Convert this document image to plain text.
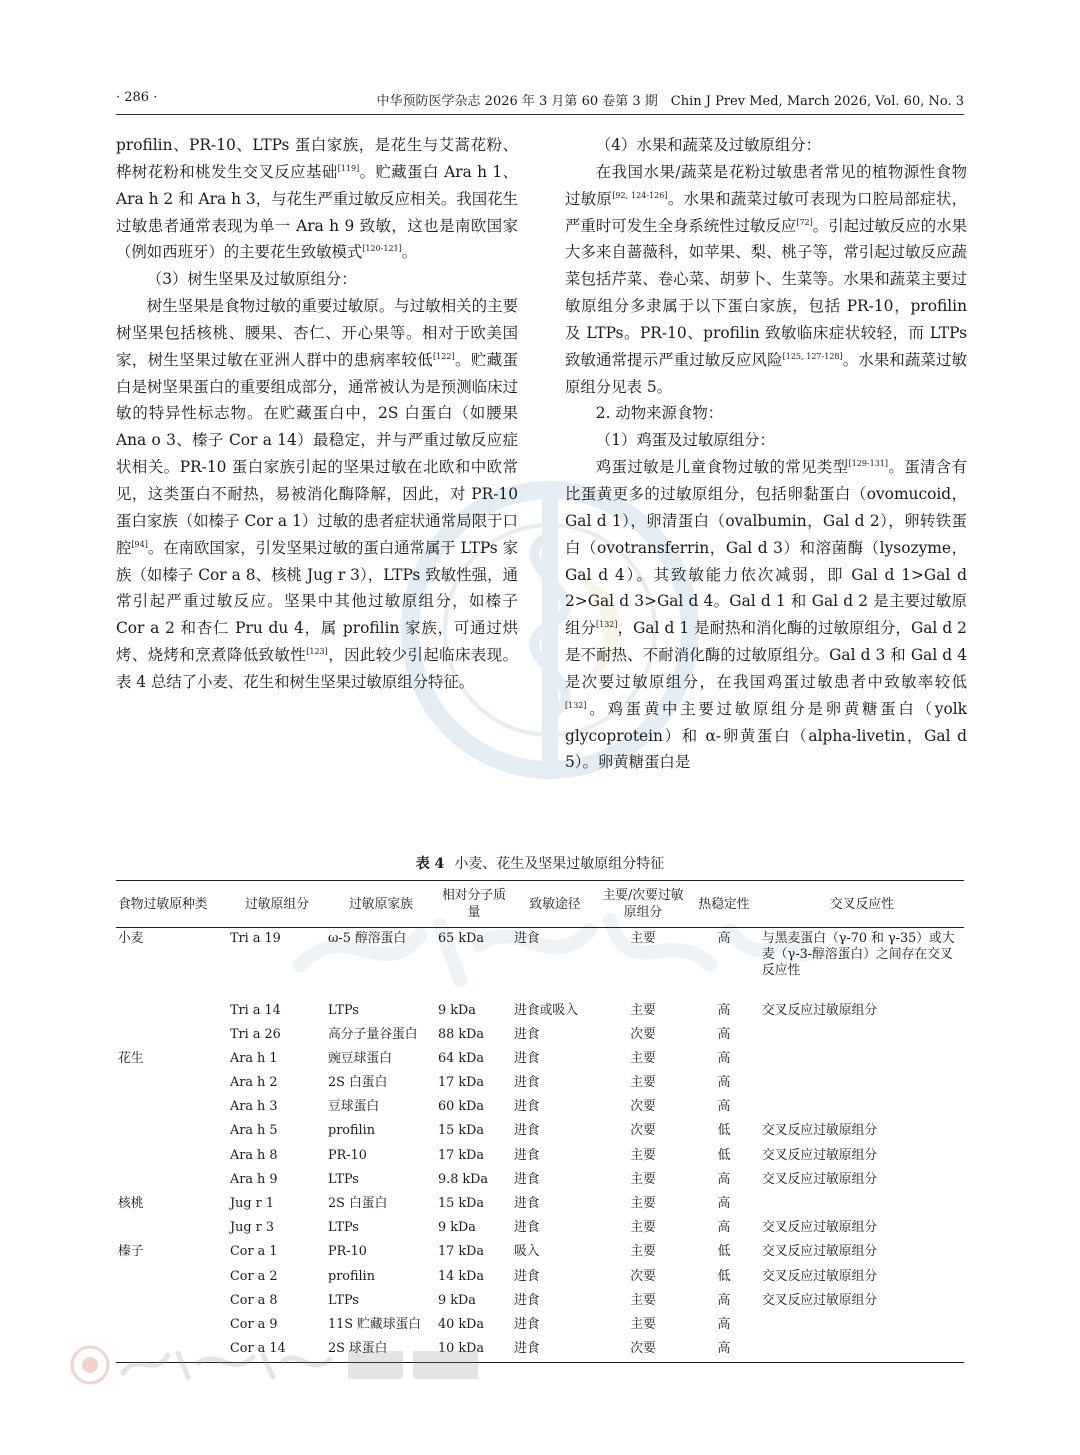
· 286 ·	中华预防医学杂志 2026 年 3 月第 60 卷第 3 期　Chin J Prev Med, March 2026, Vol. 60, No. 3

profilin、PR-10、LTPs 蛋白家族，是花生与艾蒿花粉、桦树花粉和桃发生交叉反应基础[119]。贮藏蛋白 Ara h 1、Ara h 2 和 Ara h 3，与花生严重过敏反应相关。我国花生过敏患者通常表现为单一 Ara h 9 致敏，这也是南欧国家（例如西班牙）的主要花生致敏模式[120-121]。

（3）树生坚果及过敏原组分：

树生坚果是食物过敏的重要过敏原。与过敏相关的主要树坚果包括核桃、腰果、杏仁、开心果等。相对于欧美国家，树生坚果过敏在亚洲人群中的患病率较低[122]。贮藏蛋白是树坚果蛋白的重要组成部分，通常被认为是预测临床过敏的特异性标志物。在贮藏蛋白中，2S 白蛋白（如腰果 Ana o 3、榛子 Cor a 14）最稳定，并与严重过敏反应症状相关。PR-10 蛋白家族引起的坚果过敏在北欧和中欧常见，这类蛋白不耐热，易被消化酶降解，因此，对 PR-10 蛋白家族（如榛子 Cor a 1）过敏的患者症状通常局限于口腔[94]。在南欧国家，引发坚果过敏的蛋白通常属于 LTPs 家族（如榛子 Cor a 8、核桃 Jug r 3），LTPs 致敏性强，通常引起严重过敏反应。坚果中其他过敏原组分，如榛子 Cor a 2 和杏仁 Pru du 4，属 profilin 家族，可通过烘烤、烧烤和烹煮降低致敏性[123]，因此较少引起临床表现。表 4 总结了小麦、花生和树生坚果过敏原组分特征。

（4）水果和蔬菜及过敏原组分：

在我国水果/蔬菜是花粉过敏患者常见的植物源性食物过敏原[92, 124-126]。水果和蔬菜过敏可表现为口腔局部症状，严重时可发生全身系统性过敏反应[72]。引起过敏反应的水果大多来自蔷薇科，如苹果、梨、桃子等，常引起过敏反应蔬菜包括芹菜、卷心菜、胡萝卜、生菜等。水果和蔬菜主要过敏原组分多隶属于以下蛋白家族，包括 PR-10，profilin 及 LTPs。PR-10、profilin 致敏临床症状较轻，而 LTPs 致敏通常提示严重过敏反应风险[125, 127-128]。水果和蔬菜过敏原组分见表 5。

2. 动物来源食物：

（1）鸡蛋及过敏原组分：

鸡蛋过敏是儿童食物过敏的常见类型[129-131]。蛋清含有比蛋黄更多的过敏原组分，包括卵黏蛋白（ovomucoid，Gal d 1），卵清蛋白（ovalbumin，Gal d 2），卵转铁蛋白（ovotransferrin，Gal d 3）和溶菌酶（lysozyme，Gal d 4）。其致敏能力依次减弱，即 Gal d 1>Gal d 2>Gal d 3>Gal d 4。Gal d 1 和 Gal d 2 是主要过敏原组分[132]，Gal d 1 是耐热和消化酶的过敏原组分，Gal d 2 是不耐热、不耐消化酶的过敏原组分。Gal d 3 和 Gal d 4 是次要过敏原组分，在我国鸡蛋过敏患者中致敏率较低[132]。鸡蛋黄中主要过敏原组分是卵黄糖蛋白（yolk glycoprotein）和 α-卵黄蛋白（alpha-livetin，Gal d 5）。卵黄糖蛋白是

表 4 小麦、花生及坚果过敏原组分特征
食物过敏原种类	过敏原组分	过敏原家族	相对分子质量	致敏途径	主要/次要过敏原组分	热稳定性	交叉反应性
小麦	Tri a 19	ω-5 醇溶蛋白	65 kDa	进食	主要	高	与黑麦蛋白（γ-70 和 γ-35）或大麦（γ-3-醇溶蛋白）之间存在交叉反应性
	Tri a 14	LTPs	9 kDa	进食或吸入	主要	高	交叉反应过敏原组分
	Tri a 26	高分子量谷蛋白	88 kDa	进食	次要	高	
花生	Ara h 1	豌豆球蛋白	64 kDa	进食	主要	高	
	Ara h 2	2S 白蛋白	17 kDa	进食	主要	高	
	Ara h 3	豆球蛋白	60 kDa	进食	次要	高	
	Ara h 5	profilin	15 kDa	进食	次要	低	交叉反应过敏原组分
	Ara h 8	PR-10	17 kDa	进食	主要	低	交叉反应过敏原组分
	Ara h 9	LTPs	9.8 kDa	进食	主要	高	交叉反应过敏原组分
核桃	Jug r 1	2S 白蛋白	15 kDa	进食	主要	高	
	Jug r 3	LTPs	9 kDa	进食	主要	高	交叉反应过敏原组分
榛子	Cor a 1	PR-10	17 kDa	吸入	主要	低	交叉反应过敏原组分
	Cor a 2	profilin	14 kDa	进食	次要	低	交叉反应过敏原组分
	Cor a 8	LTPs	9 kDa	进食	主要	高	交叉反应过敏原组分
	Cor a 9	11S 贮藏球蛋白	40 kDa	进食	主要	高	
	Cor a 14	2S 球蛋白	10 kDa	进食	次要	高	
